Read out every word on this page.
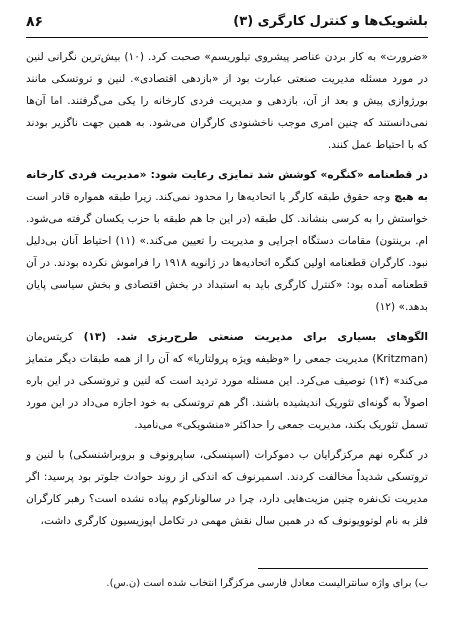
بلشویک‌ها و کنترل کارگری (۳)
۸۶
«ضرورت» به کار بردن عناصر پیشروی تیلوریسم» صحبت کرد. (۱۰) بیش‌ترین نگرانی لنین در مورد مسئله مدیریت صنعتی عبارت بود از «بازدهی اقتصادی». لنین و تروتسکی مانند بورژوازی پیش و بعد از آن، بازدهی و مدیریت فردی کارخانه را یکی می‌گرفتند. اما آن‌ها نمی‌دانستند که چنین امری موجب ناخشنودی کارگران می‌شود. به همین جهت ناگزیر بودند که با احتیاط عمل کنند.
در قطعنامه «کنگره» کوشش شد تمایزی رعایت شود: «مدیریت فردی کارخانه به هیچ وجه حقوق طبقه کارگر یا اتحادیه‌ها را محدود نمی‌کند. زیرا طبقه همواره قادر است خواستش را به کرسی بنشاند. کل طبقه (در این جا هم طبقه با حزب یکسان گرفته می‌شود. ام. برینتون) مقامات دستگاه اجرایی و مدیریت را تعیین می‌کند.» (۱۱) احتیاط آنان بی‌دلیل نبود. کارگران قطعنامه اولین کنگره اتحادیه‌ها در ژانویه ۱۹۱۸ را فراموش نکرده بودند. در آن قطعنامه آمده بود: «کنترل کارگری باید به استبداد در بخش اقتصادی و بخش سیاسی پایان بدهد.» (۱۲)
الگوهای بسیاری برای مدیریت صنعتی طرح‌ریزی شد. (۱۳) کریتس‌مان (Kritzman) مدیریت جمعی را «وظیفه ویژه پرولتاریا» که آن را از همه طبقات دیگر متمایز می‌کند» (۱۴) توصیف می‌کرد. این مسئله مورد تردید است که لنین و تروتسکی در این باره اصولاً به گونه‌ای تئوریک اندیشیده باشند. اگر هم تروتسکی به خود اجازه می‌داد در این مورد تسمل تئوریک بکند، مدیریت جمعی را حداکثر «منشویکی» می‌نامید.
در کنگره نهم مرکزگرایان ب دموکرات (اسپنسکی، ساپرونوف و بروبراشنسکی) با لنین و تروتسکی شدیداً مخالفت کردند. اسمیرنوف که اندکی از روند حوادث جلوتر بود پرسید: اگر مدیریت تک‌نفره چنین مزیت‌هایی دارد، چرا در سالونارکوم پیاده نشده است؟ رهبر کارگران فلز به نام لوتوویونوف که در همین سال نقش مهمی در تکامل اپوزیسیون کارگری داشت،
ب) برای واژه سانترالیست معادل فارسی مرکزگرا انتخاب شده است (ن.س).
